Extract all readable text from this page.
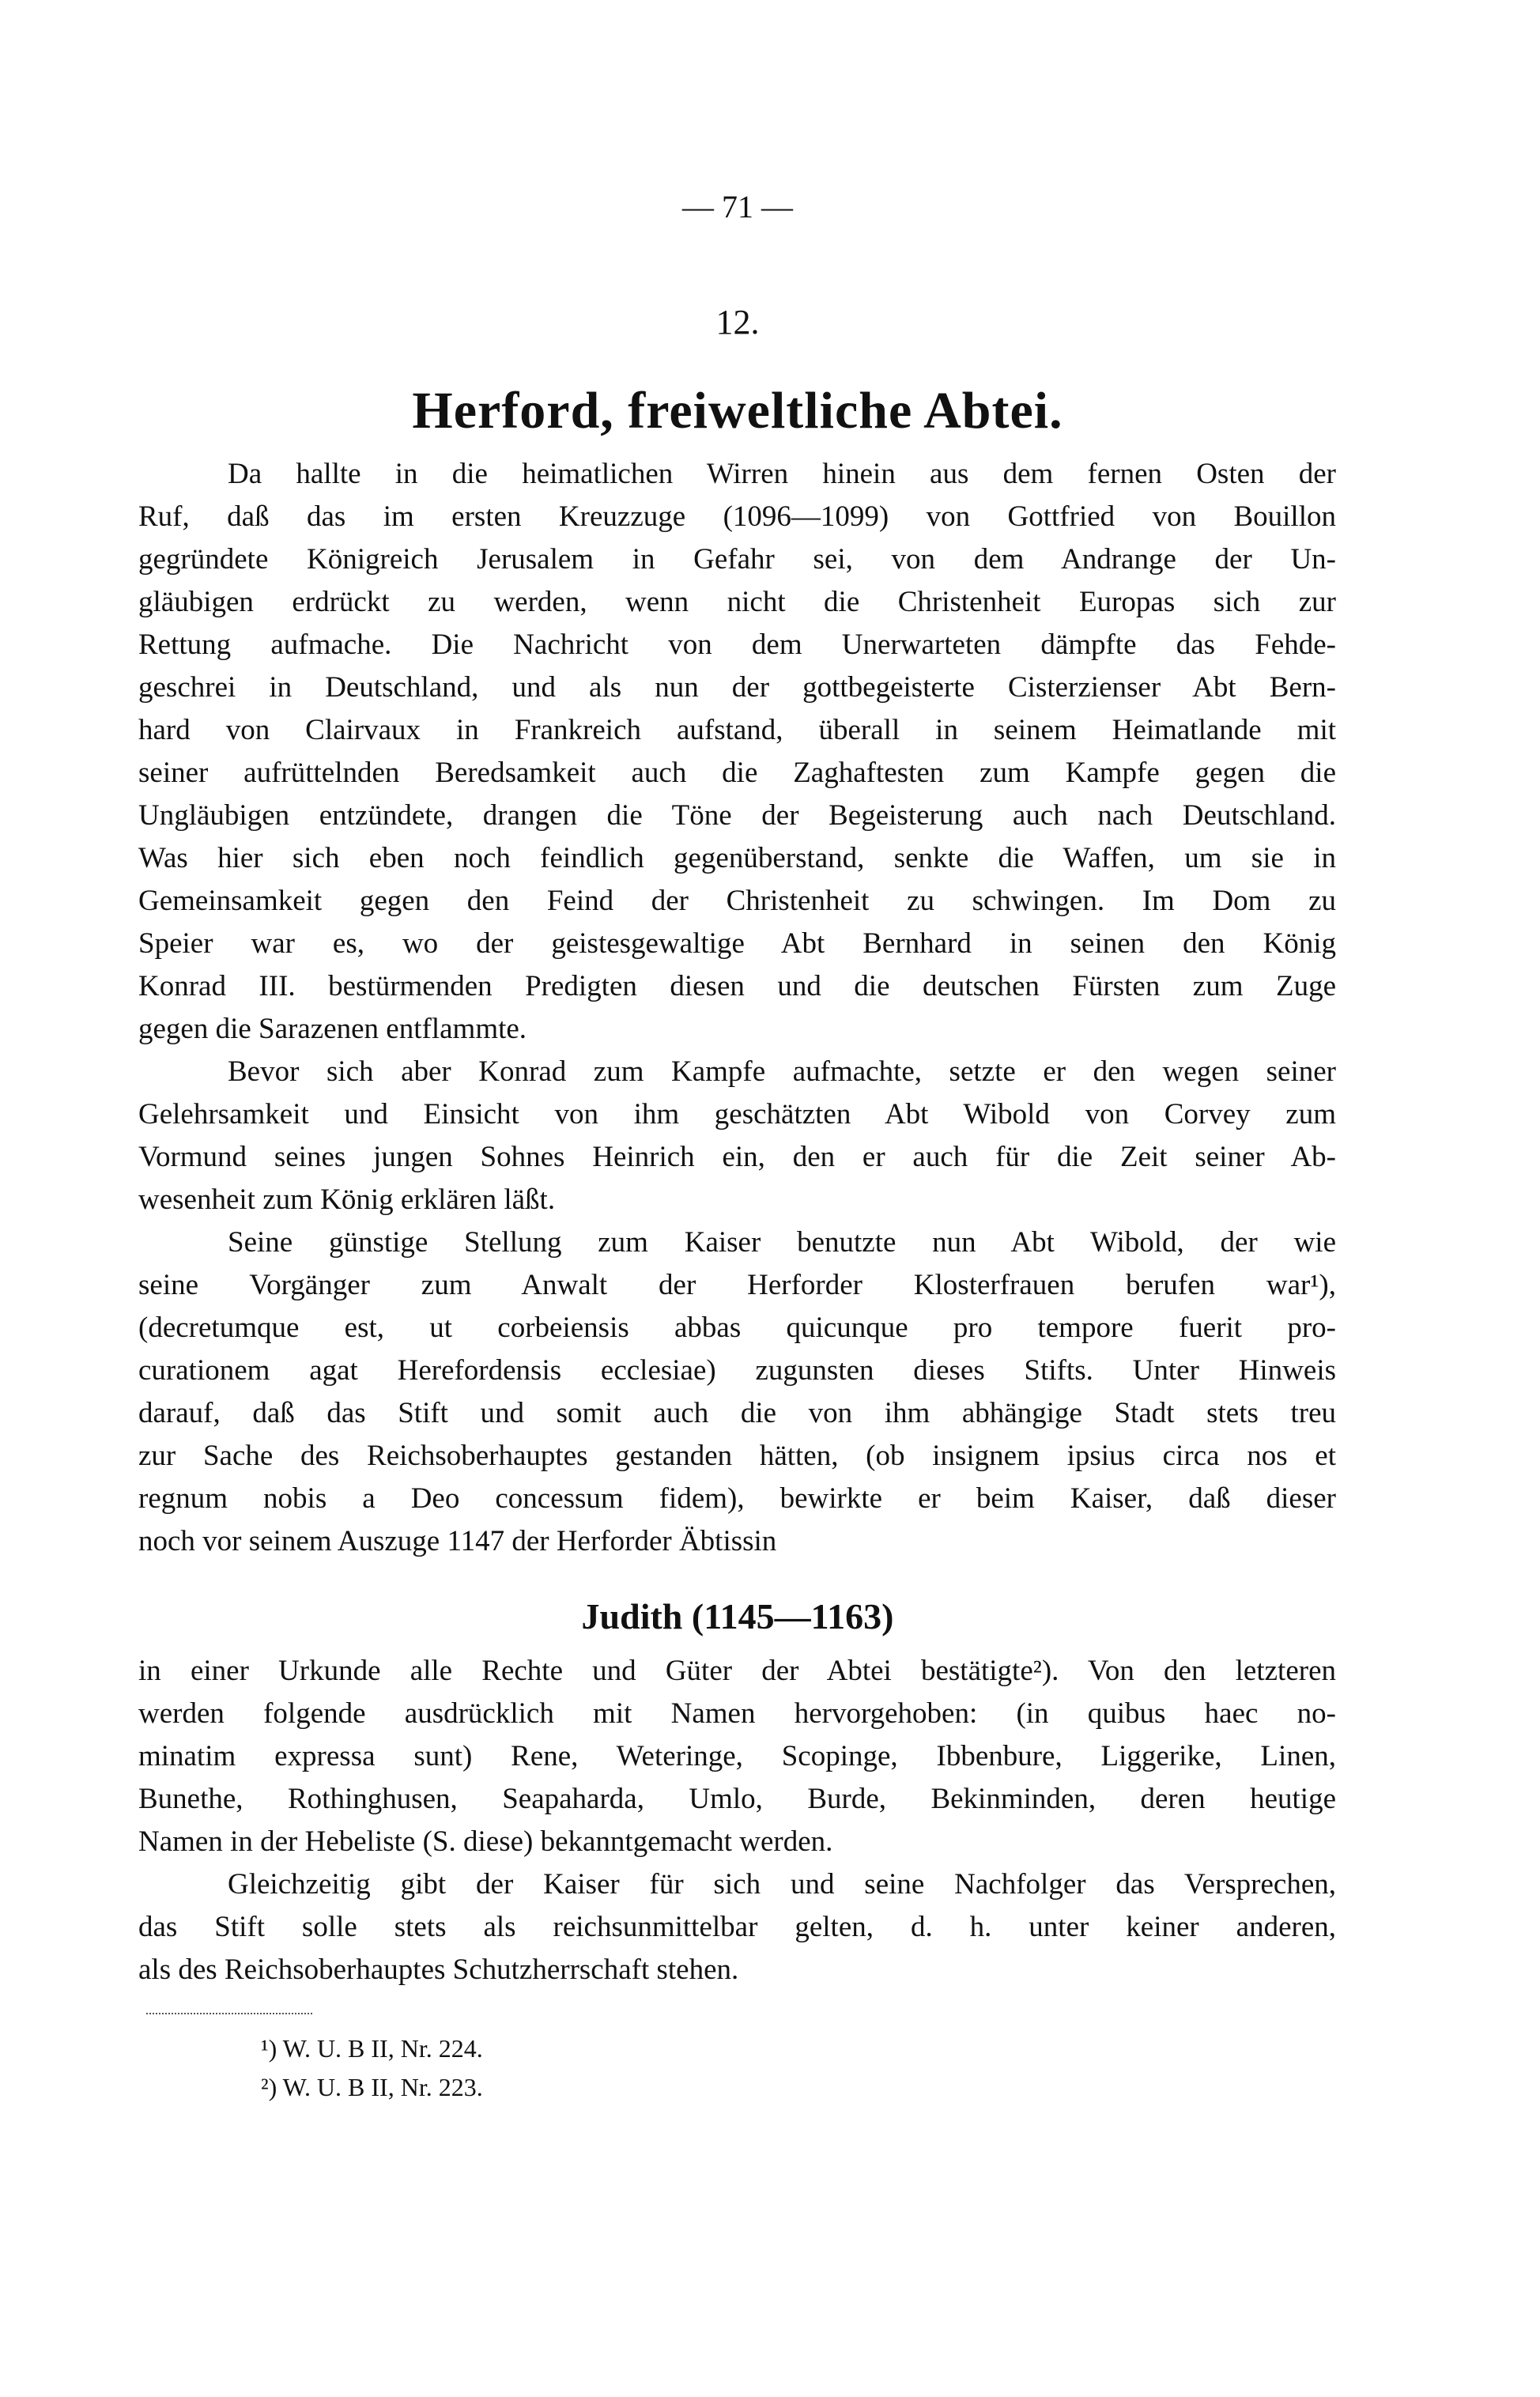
— 71 —
12.
Herford, freiweltliche Abtei.
Da hallte in die heimatlichen Wirren hinein aus dem fernen Osten der
Ruf, daß das im ersten Kreuzzuge (1096—1099) von Gottfried von Bouillon
gegründete Königreich Jerusalem in Gefahr sei, von dem Andrange der Un-
gläubigen erdrückt zu werden, wenn nicht die Christenheit Europas sich zur
Rettung aufmache. Die Nachricht von dem Unerwarteten dämpfte das Fehde-
geschrei in Deutschland, und als nun der gottbegeisterte Cisterzienser Abt Bern-
hard von Clairvaux in Frankreich aufstand, überall in seinem Heimatlande mit
seiner aufrüttelnden Beredsamkeit auch die Zaghaftesten zum Kampfe gegen die
Ungläubigen entzündete, drangen die Töne der Begeisterung auch nach Deutschland.
Was hier sich eben noch feindlich gegenüberstand, senkte die Waffen, um sie in
Gemeinsamkeit gegen den Feind der Christenheit zu schwingen. Im Dom zu
Speier war es, wo der geistesgewaltige Abt Bernhard in seinen den König
Konrad III. bestürmenden Predigten diesen und die deutschen Fürsten zum Zuge
gegen die Sarazenen entflammte.
Bevor sich aber Konrad zum Kampfe aufmachte, setzte er den wegen seiner
Gelehrsamkeit und Einsicht von ihm geschätzten Abt Wibold von Corvey zum
Vormund seines jungen Sohnes Heinrich ein, den er auch für die Zeit seiner Ab-
wesenheit zum König erklären läßt.
Seine günstige Stellung zum Kaiser benutzte nun Abt Wibold, der wie
seine Vorgänger zum Anwalt der Herforder Klosterfrauen berufen war¹),
(decretumque est, ut corbeiensis abbas quicunque pro tempore fuerit pro-
curationem agat Herefordensis ecclesiae) zugunsten dieses Stifts. Unter Hinweis
darauf, daß das Stift und somit auch die von ihm abhängige Stadt stets treu
zur Sache des Reichsoberhauptes gestanden hätten, (ob insignem ipsius circa nos et
regnum nobis a Deo concessum fidem), bewirkte er beim Kaiser, daß dieser
noch vor seinem Auszuge 1147 der Herforder Äbtissin
Judith (1145—1163)
in einer Urkunde alle Rechte und Güter der Abtei bestätigte²). Von den letzteren
werden folgende ausdrücklich mit Namen hervorgehoben: (in quibus haec no-
minatim expressa sunt) Rene, Weteringe, Scopinge, Ibbenbure, Liggerike, Linen,
Bunethe, Rothinghusen, Seapaharda, Umlo, Burde, Bekinminden, deren heutige
Namen in der Hebeliste (S. diese) bekanntgemacht werden.
Gleichzeitig gibt der Kaiser für sich und seine Nachfolger das Versprechen,
das Stift solle stets als reichsunmittelbar gelten, d. h. unter keiner anderen,
als des Reichsoberhauptes Schutzherrschaft stehen.
¹) W. U. B II, Nr. 224.
²) W. U. B II, Nr. 223.
